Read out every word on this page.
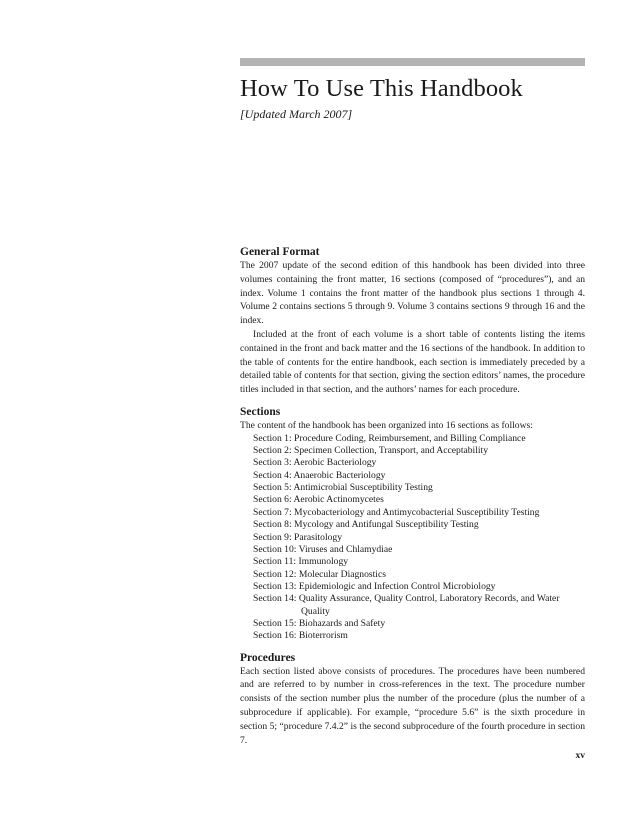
How To Use This Handbook
[Updated March 2007]
General Format

The 2007 update of the second edition of this handbook has been divided into three volumes containing the front matter, 16 sections (composed of “procedures”), and an index. Volume 1 contains the front matter of the handbook plus sections 1 through 4. Volume 2 contains sections 5 through 9. Volume 3 contains sections 9 through 16 and the index.

Included at the front of each volume is a short table of contents listing the items contained in the front and back matter and the 16 sections of the handbook. In addition to the table of contents for the entire handbook, each section is immediately preceded by a detailed table of contents for that section, giving the section editors’ names, the procedure titles included in that section, and the authors’ names for each procedure.

Sections

The content of the handbook has been organized into 16 sections as follows:

Section 1: Procedure Coding, Reimbursement, and Billing Compliance
Section 2: Specimen Collection, Transport, and Acceptability
Section 3: Aerobic Bacteriology
Section 4: Anaerobic Bacteriology
Section 5: Antimicrobial Susceptibility Testing
Section 6: Aerobic Actinomycetes
Section 7: Mycobacteriology and Antimycobacterial Susceptibility Testing
Section 8: Mycology and Antifungal Susceptibility Testing
Section 9: Parasitology
Section 10: Viruses and Chlamydiae
Section 11: Immunology
Section 12: Molecular Diagnostics
Section 13: Epidemiologic and Infection Control Microbiology
Section 14: Quality Assurance, Quality Control, Laboratory Records, and Water Quality
Section 15: Biohazards and Safety
Section 16: Bioterrorism
Procedures

Each section listed above consists of procedures. The procedures have been numbered and are referred to by number in cross-references in the text. The procedure number consists of the section number plus the number of the procedure (plus the number of a subprocedure if applicable). For example, “procedure 5.6” is the sixth procedure in section 5; “procedure 7.4.2” is the second subprocedure of the fourth procedure in section 7.

xv
